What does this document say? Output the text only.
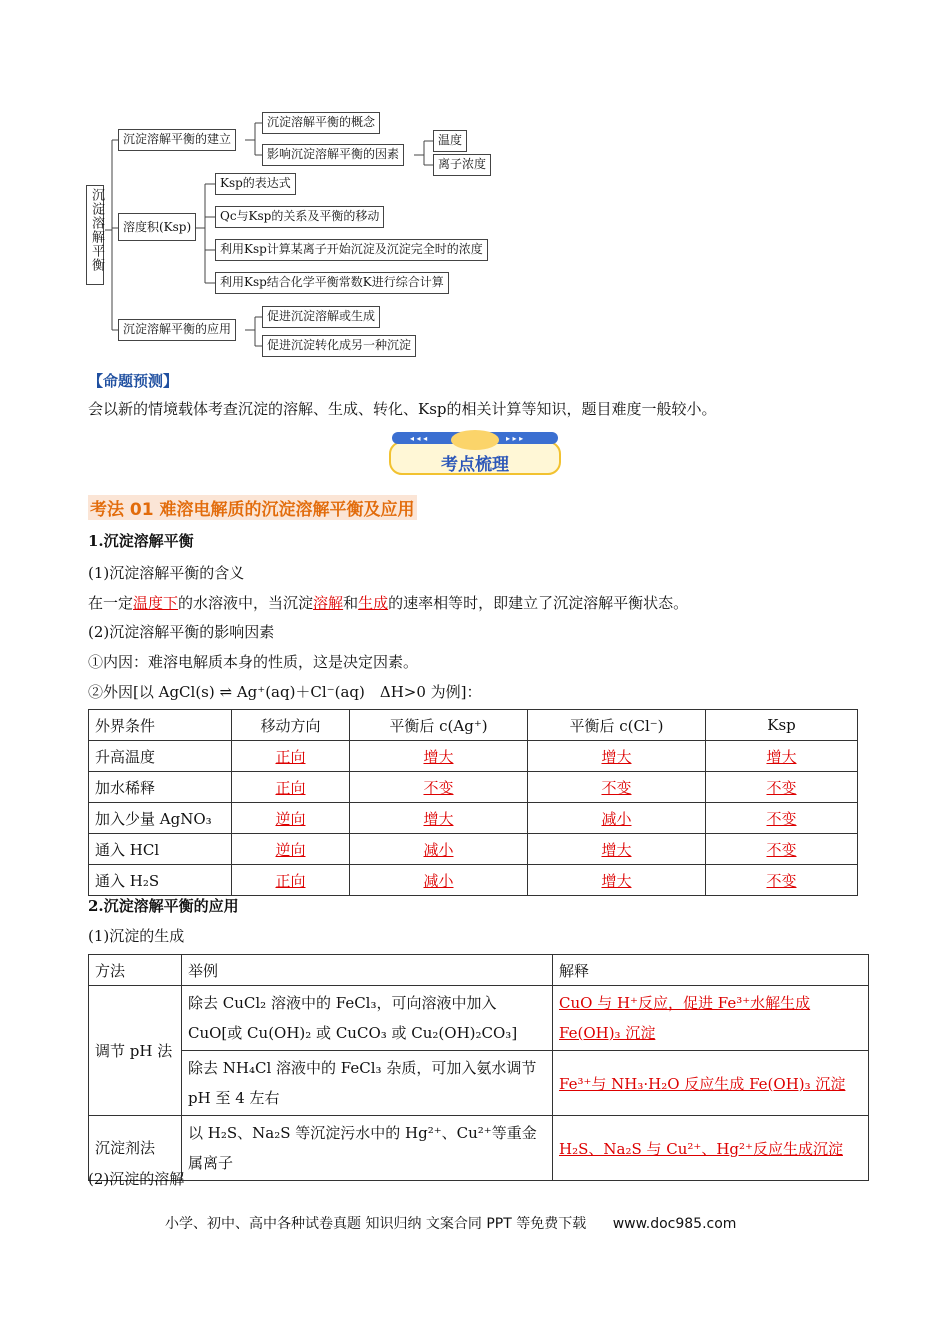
沉淀溶解平衡
沉淀溶解平衡的建立
沉淀溶解平衡的概念
影响沉淀溶解平衡的因素
温度
离子浓度
溶度积(Ksp)
Ksp的表达式
Qc与Ksp的关系及平衡的移动
利用Ksp计算某离子开始沉淀及沉淀完全时的浓度
利用Ksp结合化学平衡常数K进行综合计算
沉淀溶解平衡的应用
促进沉淀溶解或生成
促进沉淀转化成另一种沉淀
【命题预测】
会以新的情境载体考查沉淀的溶解、生成、转化、Ksp的相关计算等知识，题目难度一般较小。
◂ ◂ ◂	▸ ▸ ▸
考点梳理
考法 01 难溶电解质的沉淀溶解平衡及应用
1.沉淀溶解平衡
(1)沉淀溶解平衡的含义
在一定温度下的水溶液中，当沉淀溶解和生成的速率相等时，即建立了沉淀溶解平衡状态。
(2)沉淀溶解平衡的影响因素
①内因：难溶电解质本身的性质，这是决定因素。
②外因[以 AgCl(s) ⇌ Ag⁺(aq)＋Cl⁻(aq)　ΔH>0 为例]：
外界条件	移动方向	平衡后 c(Ag⁺)	平衡后 c(Cl⁻)	Ksp
升高温度	正向	增大	增大	增大
加水稀释	正向	不变	不变	不变
加入少量 AgNO₃	逆向	增大	减小	不变
通入 HCl	逆向	减小	增大	不变
通入 H₂S	正向	减小	增大	不变
2.沉淀溶解平衡的应用
(1)沉淀的生成
方法	举例	解释
调节 pH 法	除去 CuCl₂ 溶液中的 FeCl₃，可向溶液中加入 CuO[或 Cu(OH)₂ 或 CuCO₃ 或 Cu₂(OH)₂CO₃]	CuO 与 H⁺反应，促进 Fe³⁺水解生成 Fe(OH)₃ 沉淀
	除去 NH₄Cl 溶液中的 FeCl₃ 杂质，可加入氨水调节 pH 至 4 左右	Fe³⁺与 NH₃·H₂O 反应生成 Fe(OH)₃ 沉淀
沉淀剂法	以 H₂S、Na₂S 等沉淀污水中的 Hg²⁺、Cu²⁺等重金属离子	H₂S、Na₂S 与 Cu²⁺、Hg²⁺反应生成沉淀
(2)沉淀的溶解
小学、初中、高中各种试卷真题 知识归纳 文案合同 PPT 等免费下载 www.doc985.com
